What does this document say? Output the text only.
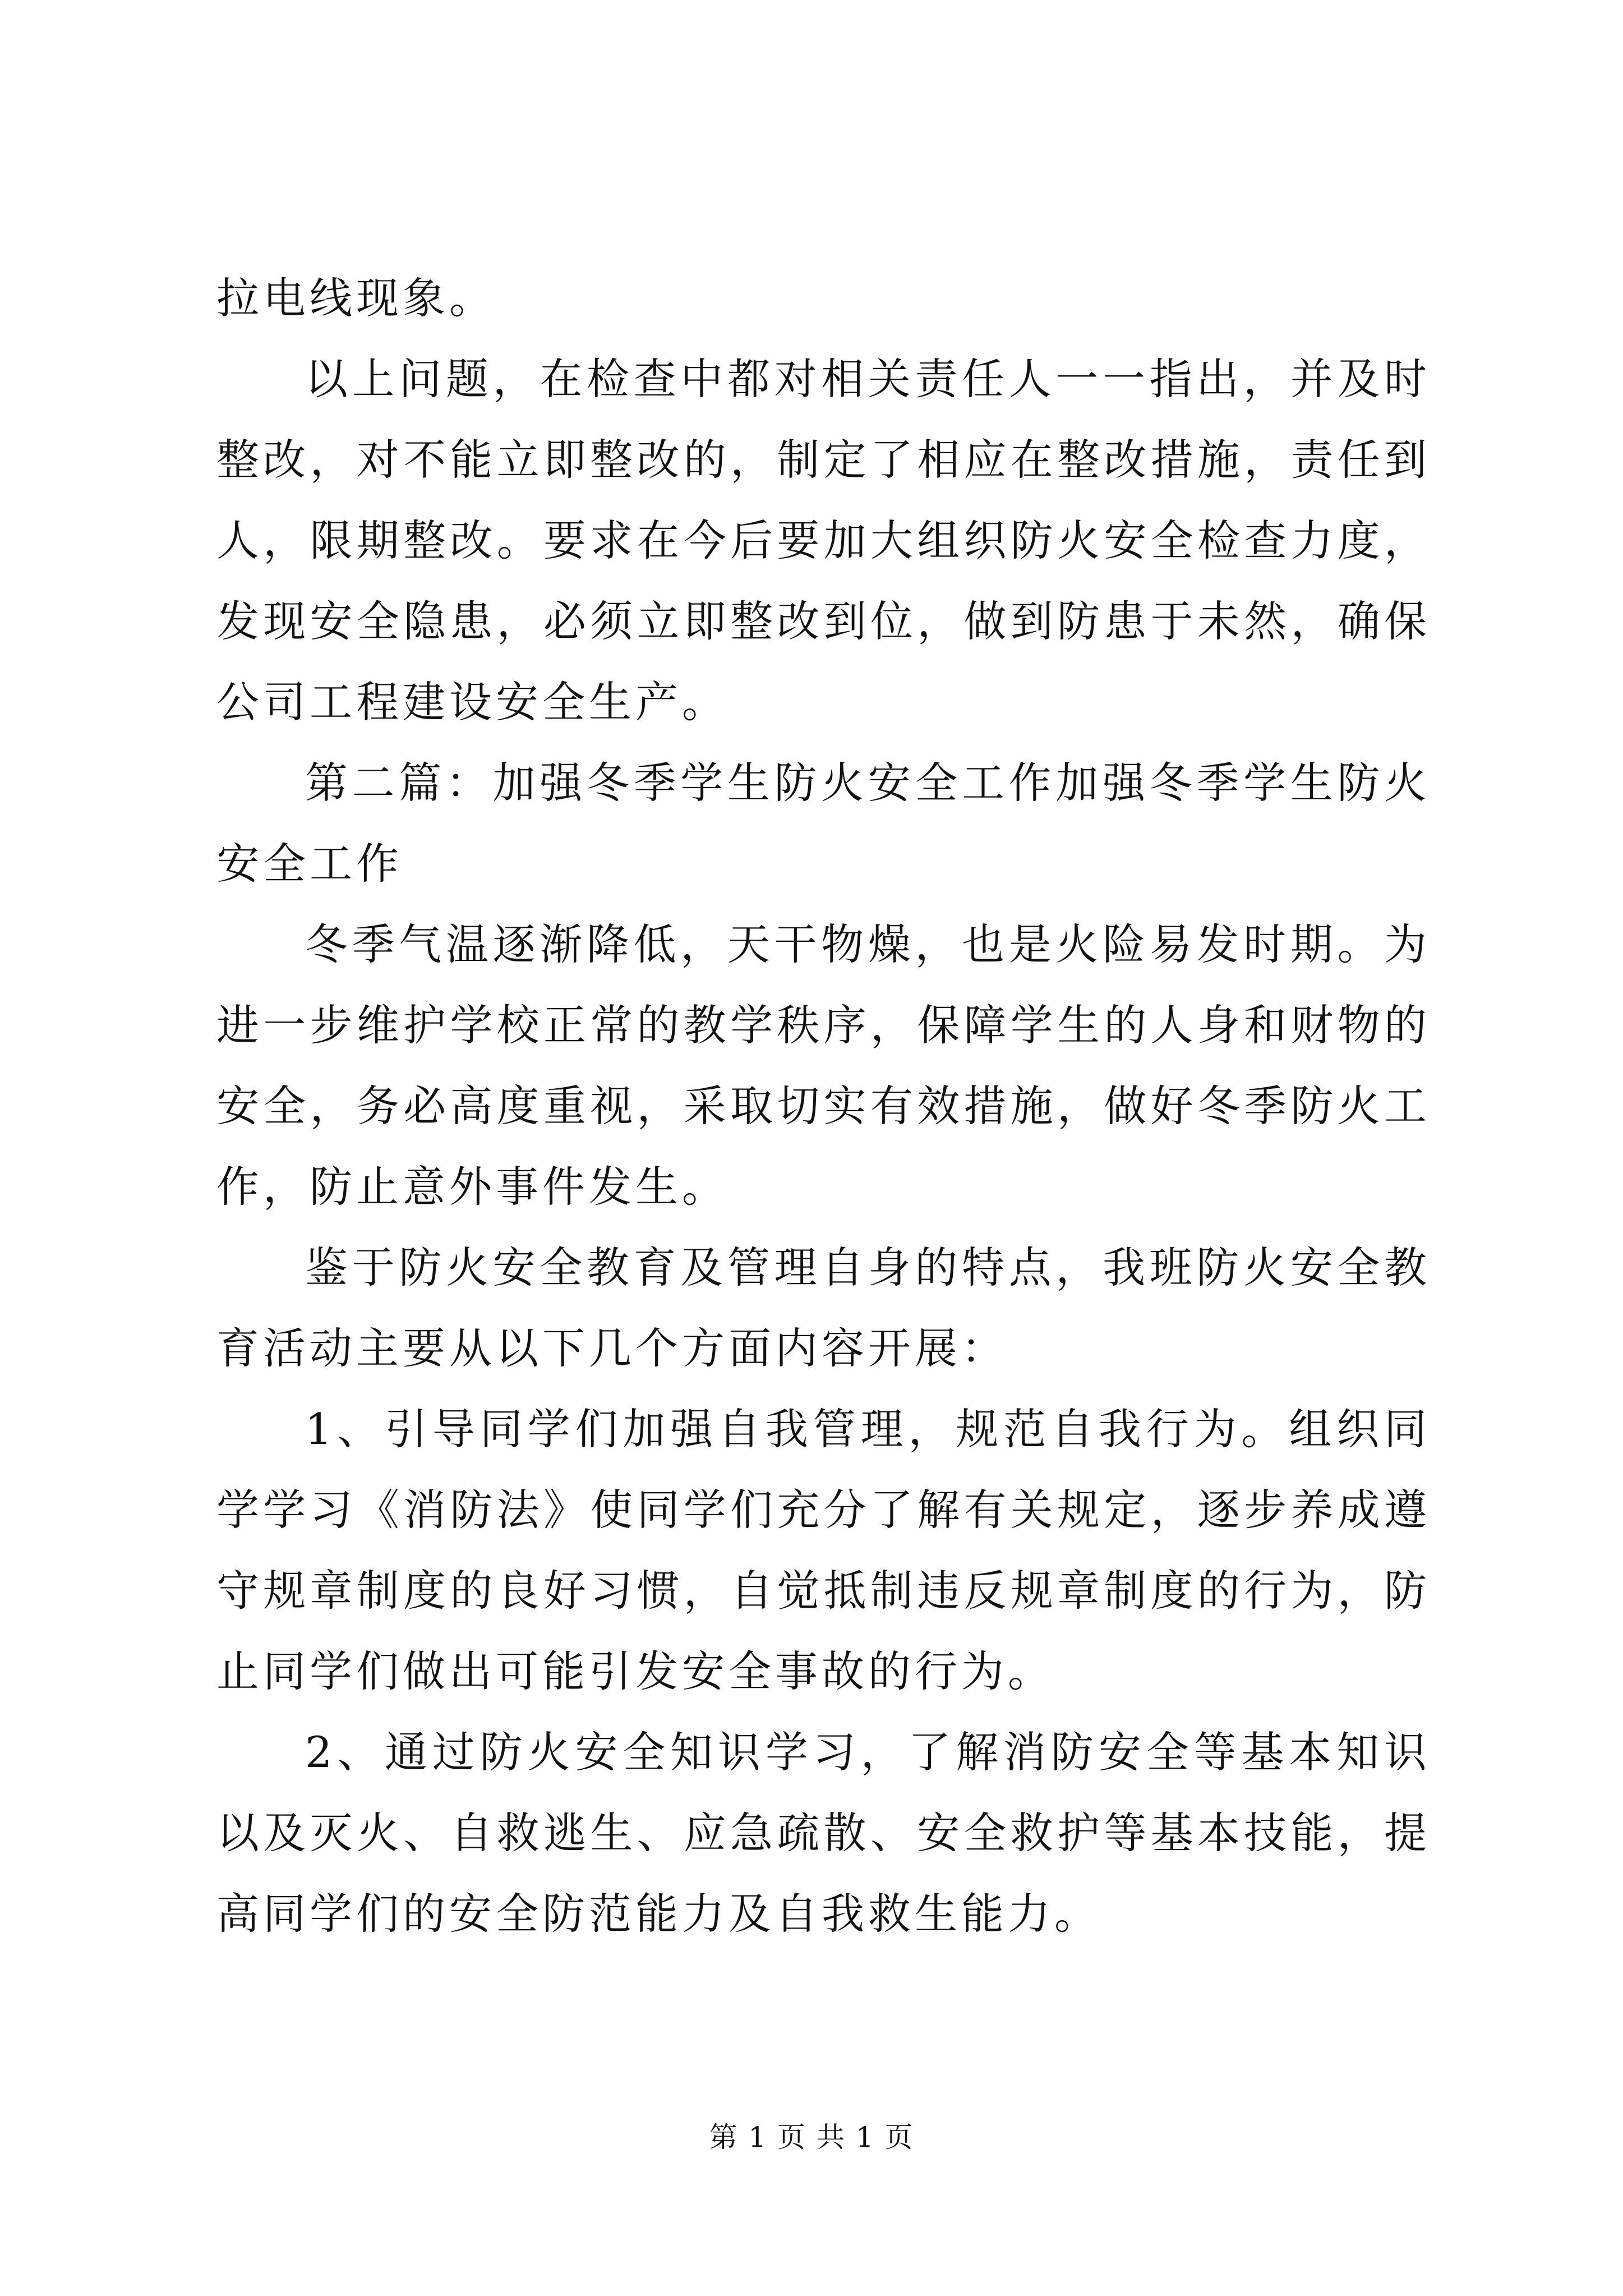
拉电线现象。

以上问题，在检查中都对相关责任人一一指出，并及时整改，对不能立即整改的，制定了相应在整改措施，责任到人，限期整改。要求在今后要加大组织防火安全检查力度，发现安全隐患，必须立即整改到位，做到防患于未然，确保公司工程建设安全生产。

第二篇：加强冬季学生防火安全工作加强冬季学生防火安全工作

冬季气温逐渐降低，天干物燥，也是火险易发时期。为进一步维护学校正常的教学秩序，保障学生的人身和财物的安全，务必高度重视，采取切实有效措施，做好冬季防火工作，防止意外事件发生。

鉴于防火安全教育及管理自身的特点，我班防火安全教育活动主要从以下几个方面内容开展：

1、引导同学们加强自我管理，规范自我行为。组织同学学习《消防法》使同学们充分了解有关规定，逐步养成遵守规章制度的良好习惯，自觉抵制违反规章制度的行为，防止同学们做出可能引发安全事故的行为。

2、通过防火安全知识学习，了解消防安全等基本知识以及灭火、自救逃生、应急疏散、安全救护等基本技能，提高同学们的安全防范能力及自我救生能力。

第 1 页 共 1 页
